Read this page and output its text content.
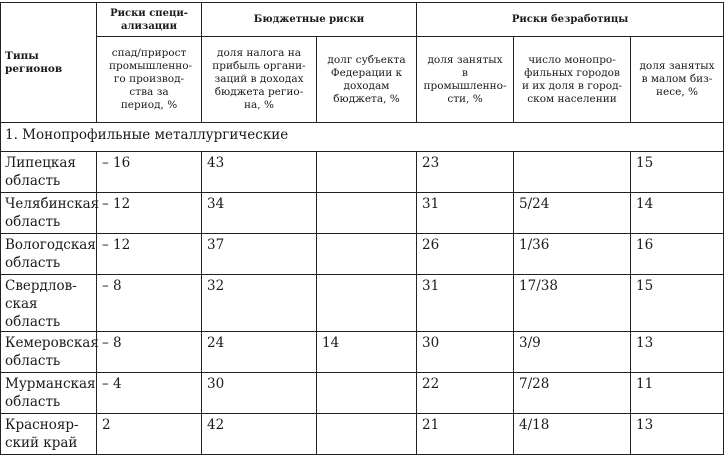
Типы регионов	Риски специ-
ализации	Бюджетные риски		Риски безработицы		

	спад/прирост промышленно-го производ-ства за период, %	доля налога на прибыль органи-заций в доходах бюджета регио-на, %	долг субъекта Федерации к доходам бюджета, %	доля занятых в промышленно-сти, %	число монопро-фильных городов и их доля в город-ском населении	доля занятых в малом биз-несе, %

1. Монопрофильные металлургические						
Липецкая
область	– 16	43		23		15
Челябинская
область	– 12	34		31	5/24	14
Вологодская
область	– 12	37		26	1/36	16
Свердлов-
ская область	– 8	32		31	17/38	15
Кемеровская
область	– 8	24	14	30	3/9	13
Мурманская
область	– 4	30		22	7/28	11
Краснояр-
ский край	2	42		21	4/18	13
